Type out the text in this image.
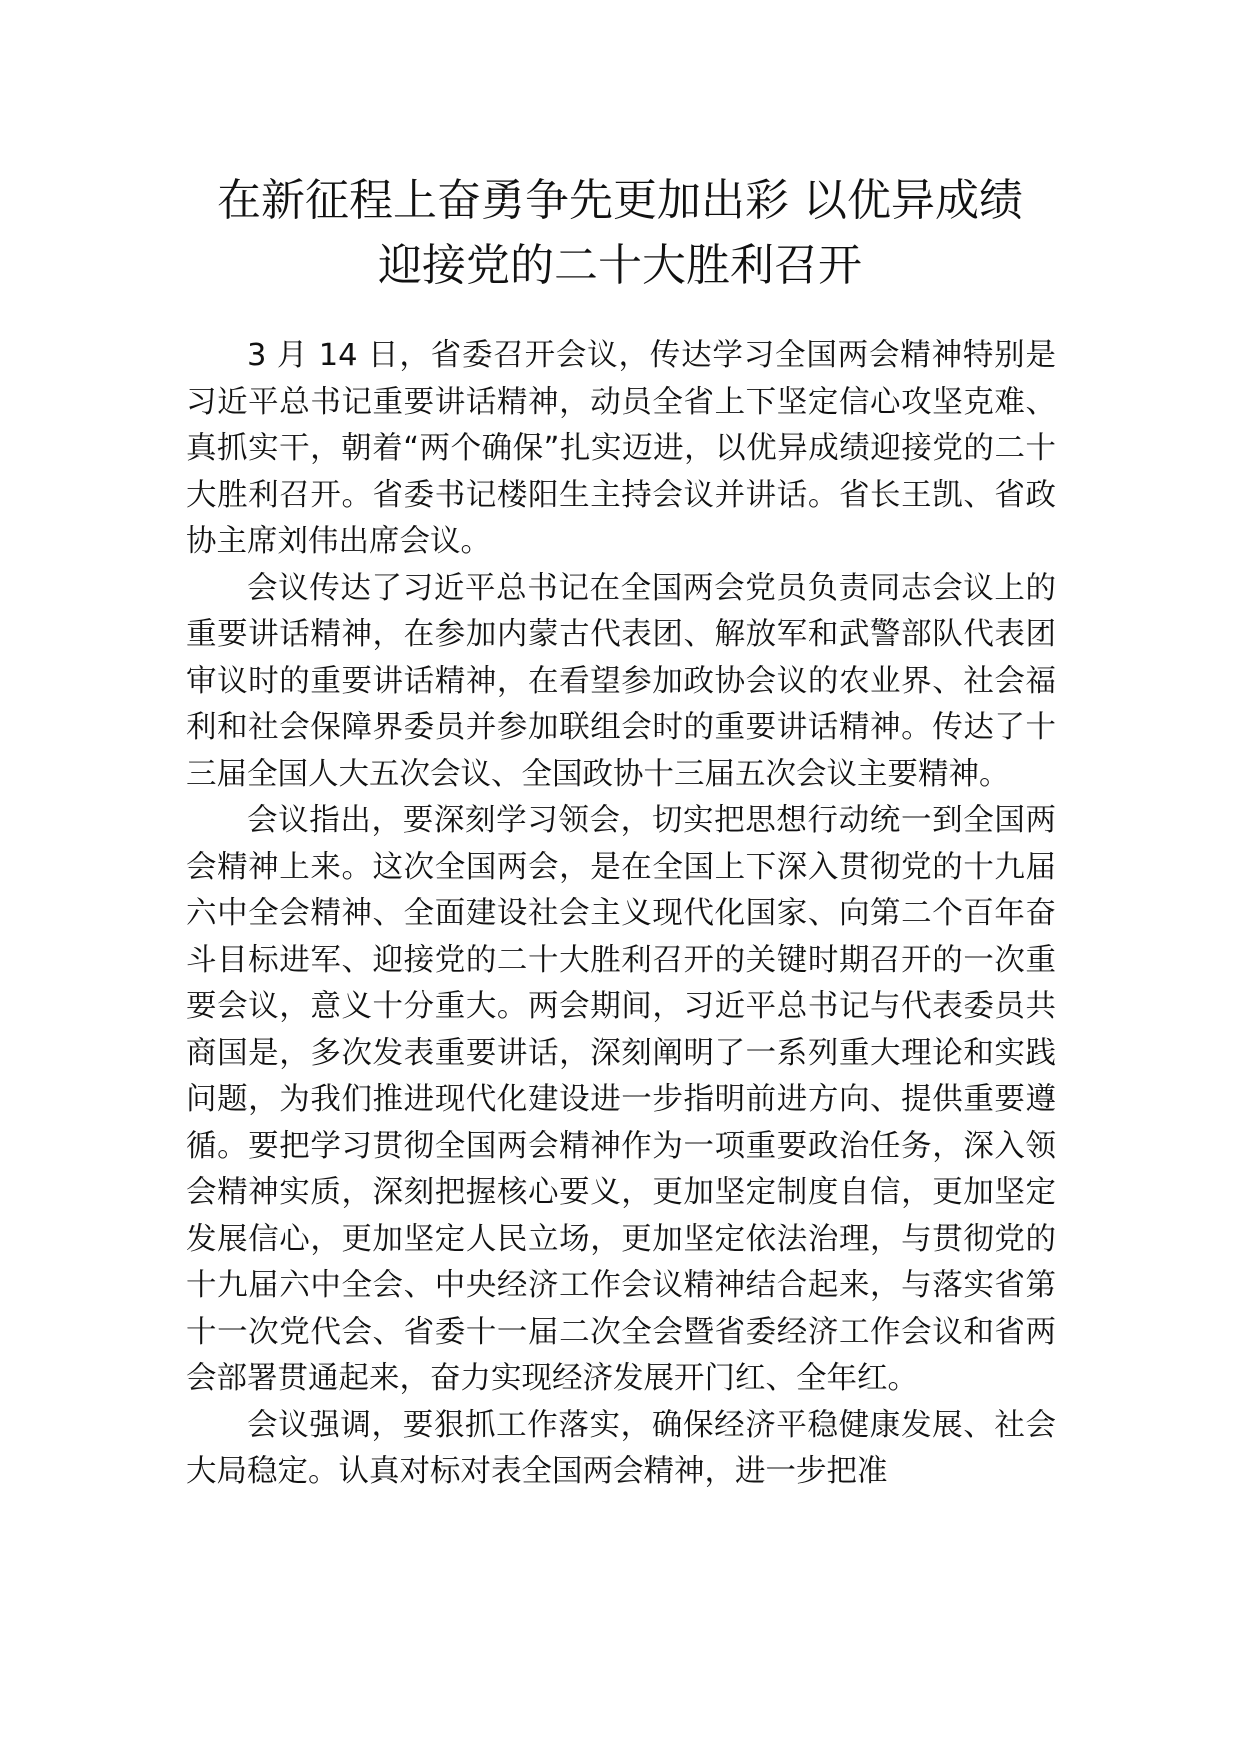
在新征程上奋勇争先更加出彩 以优异成绩
迎接党的二十大胜利召开

3 月 14 日，省委召开会议，传达学习全国两会精神特别是习近平总书记重要讲话精神，动员全省上下坚定信心攻坚克难、真抓实干，朝着“两个确保”扎实迈进，以优异成绩迎接党的二十大胜利召开。省委书记楼阳生主持会议并讲话。省长王凯、省政协主席刘伟出席会议。

会议传达了习近平总书记在全国两会党员负责同志会议上的重要讲话精神，在参加内蒙古代表团、解放军和武警部队代表团审议时的重要讲话精神，在看望参加政协会议的农业界、社会福利和社会保障界委员并参加联组会时的重要讲话精神。传达了十三届全国人大五次会议、全国政协十三届五次会议主要精神。

会议指出，要深刻学习领会，切实把思想行动统一到全国两会精神上来。这次全国两会，是在全国上下深入贯彻党的十九届六中全会精神、全面建设社会主义现代化国家、向第二个百年奋斗目标进军、迎接党的二十大胜利召开的关键时期召开的一次重要会议，意义十分重大。两会期间，习近平总书记与代表委员共商国是，多次发表重要讲话，深刻阐明了一系列重大理论和实践问题，为我们推进现代化建设进一步指明前进方向、提供重要遵循。要把学习贯彻全国两会精神作为一项重要政治任务，深入领会精神实质，深刻把握核心要义，更加坚定制度自信，更加坚定发展信心，更加坚定人民立场，更加坚定依法治理，与贯彻党的十九届六中全会、中央经济工作会议精神结合起来，与落实省第十一次党代会、省委十一届二次全会暨省委经济工作会议和省两会部署贯通起来，奋力实现经济发展开门红、全年红。

会议强调，要狠抓工作落实，确保经济平稳健康发展、社会大局稳定。认真对标对表全国两会精神，进一步把准
